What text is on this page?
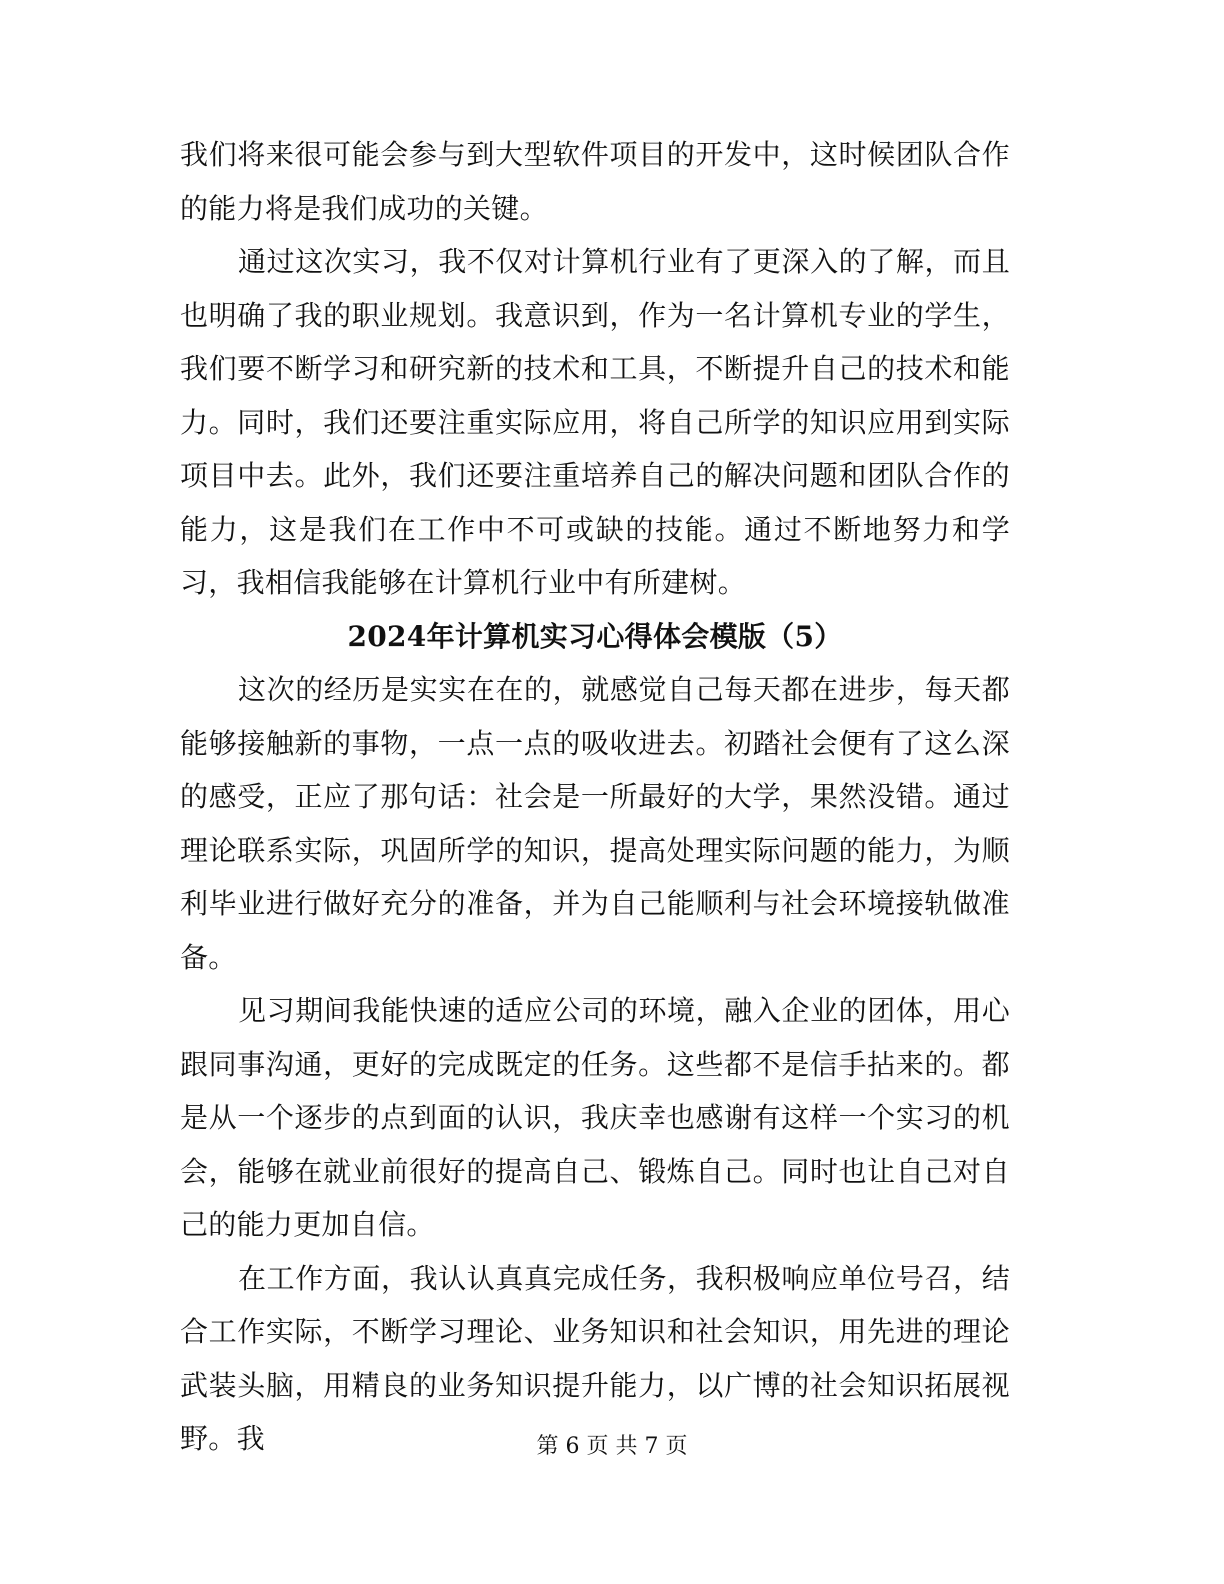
我们将来很可能会参与到大型软件项目的开发中，这时候团队合作的能力将是我们成功的关键。

通过这次实习，我不仅对计算机行业有了更深入的了解，而且也明确了我的职业规划。我意识到，作为一名计算机专业的学生，我们要不断学习和研究新的技术和工具，不断提升自己的技术和能力。同时，我们还要注重实际应用，将自己所学的知识应用到实际项目中去。此外，我们还要注重培养自己的解决问题和团队合作的能力，这是我们在工作中不可或缺的技能。通过不断地努力和学习，我相信我能够在计算机行业中有所建树。

2024年计算机实习心得体会模版（5）

这次的经历是实实在在的，就感觉自己每天都在进步，每天都能够接触新的事物，一点一点的吸收进去。初踏社会便有了这么深的感受，正应了那句话：社会是一所最好的大学，果然没错。通过理论联系实际，巩固所学的知识，提高处理实际问题的能力，为顺利毕业进行做好充分的准备，并为自己能顺利与社会环境接轨做准备。

见习期间我能快速的适应公司的环境，融入企业的团体，用心跟同事沟通，更好的完成既定的任务。这些都不是信手拈来的。都是从一个逐步的点到面的认识，我庆幸也感谢有这样一个实习的机会，能够在就业前很好的提高自己、锻炼自己。同时也让自己对自己的能力更加自信。

在工作方面，我认认真真完成任务，我积极响应单位号召，结合工作实际，不断学习理论、业务知识和社会知识，用先进的理论武装头脑，用精良的业务知识提升能力，以广博的社会知识拓展视野。我	第 6 页 共 7 页
